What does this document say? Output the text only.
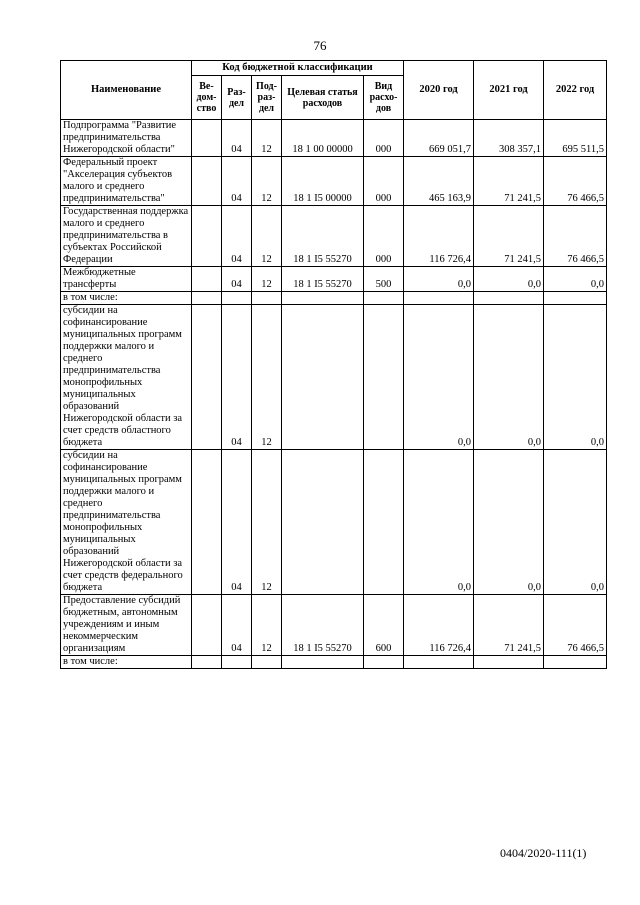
76
Наименование	Код бюджетной классификации					2020 год	2021 год	2022 год
	Ве- дом- ство	Раз- дел	Под- раз- дел	Целевая статья расходов	Вид расхо- дов			
Подпрограмма "Развитие предпринимательства Нижегородской области"		04	12	18 1 00 00000	000	669 051,7	308 357,1	695 511,5
Федеральный проект "Акселерация субъектов малого и среднего предпринимательства"		04	12	18 1 I5 00000	000	465 163,9	71 241,5	76 466,5
Государственная поддержка малого и среднего предпринимательства в субъектах Российской Федерации		04	12	18 1 I5 55270	000	116 726,4	71 241,5	76 466,5
Межбюджетные трансферты		04	12	18 1 I5 55270	500	0,0	0,0	0,0
в том числе:								
субсидии на софинансирование муниципальных программ поддержки малого и среднего предпринимательства монопрофильных муниципальных образований Нижегородской области за счет средств областного бюджета		04	12			0,0	0,0	0,0
субсидии на софинансирование муниципальных программ поддержки малого и среднего предпринимательства монопрофильных муниципальных образований Нижегородской области за счет средств федерального бюджета		04	12			0,0	0,0	0,0
Предоставление субсидий бюджетным, автономным учреждениям и иным некоммерческим организациям		04	12	18 1 I5 55270	600	116 726,4	71 241,5	76 466,5
в том числе:								
0404/2020-111(1)
